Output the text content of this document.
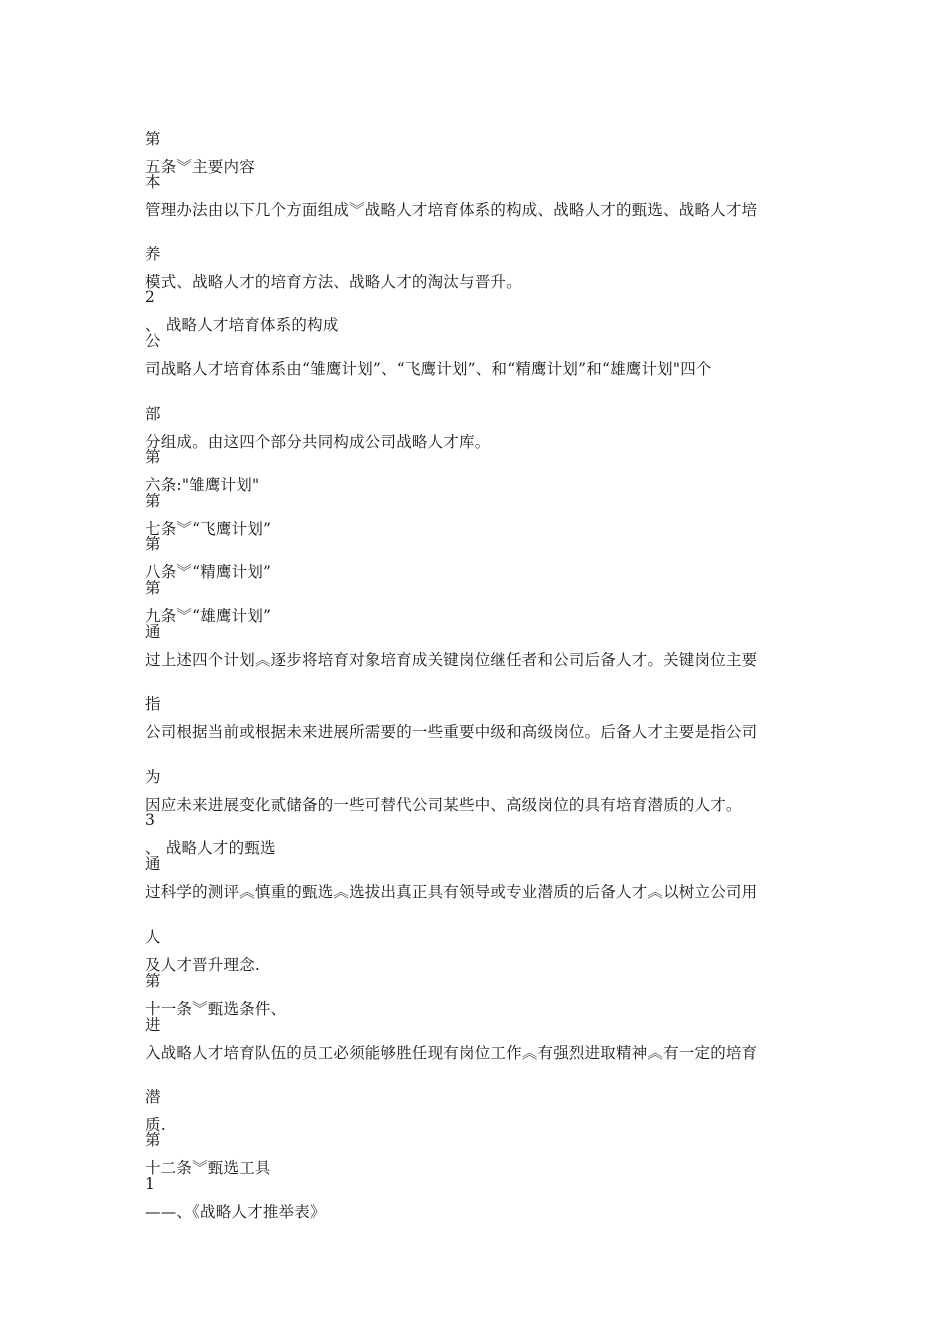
第
五条︾主要内容
本
管理办法由以下几个方面组成︾战略人才培育体系的构成、战略人才的甄选、战略人才培
养
模式、战略人才的培育方法、战略人才的淘汰与晋升。
2
、 战略人才培育体系的构成
公
司战略人才培育体系由“雏鹰计划”、“飞鹰计划”、和“精鹰计划”和“雄鹰计划"四个
部
分组成。由这四个部分共同构成公司战略人才库。
第
六条:"雏鹰计划"
第
七条︾“飞鹰计划”
第
八条︾“精鹰计划”
第
九条︾“雄鹰计划”
通
过上述四个计划︽逐步将培育对象培育成关键岗位继任者和公司后备人才。关键岗位主要
指
公司根据当前或根据未来进展所需要的一些重要中级和高级岗位。后备人才主要是指公司
为
因应未来进展变化贰储备的一些可替代公司某些中、高级岗位的具有培育潜质的人才。
3
、 战略人才的甄选
通
过科学的测评︽慎重的甄选︽选拔出真正具有领导或专业潜质的后备人才︽以树立公司用
人
及人才晋升理念.
第
十一条︾甄选条件、
进
入战略人才培育队伍的员工必须能够胜任现有岗位工作︽有强烈进取精神︽有一定的培育
潜
质.
第
十二条︾甄选工具
1
——、《战略人才推举表》
